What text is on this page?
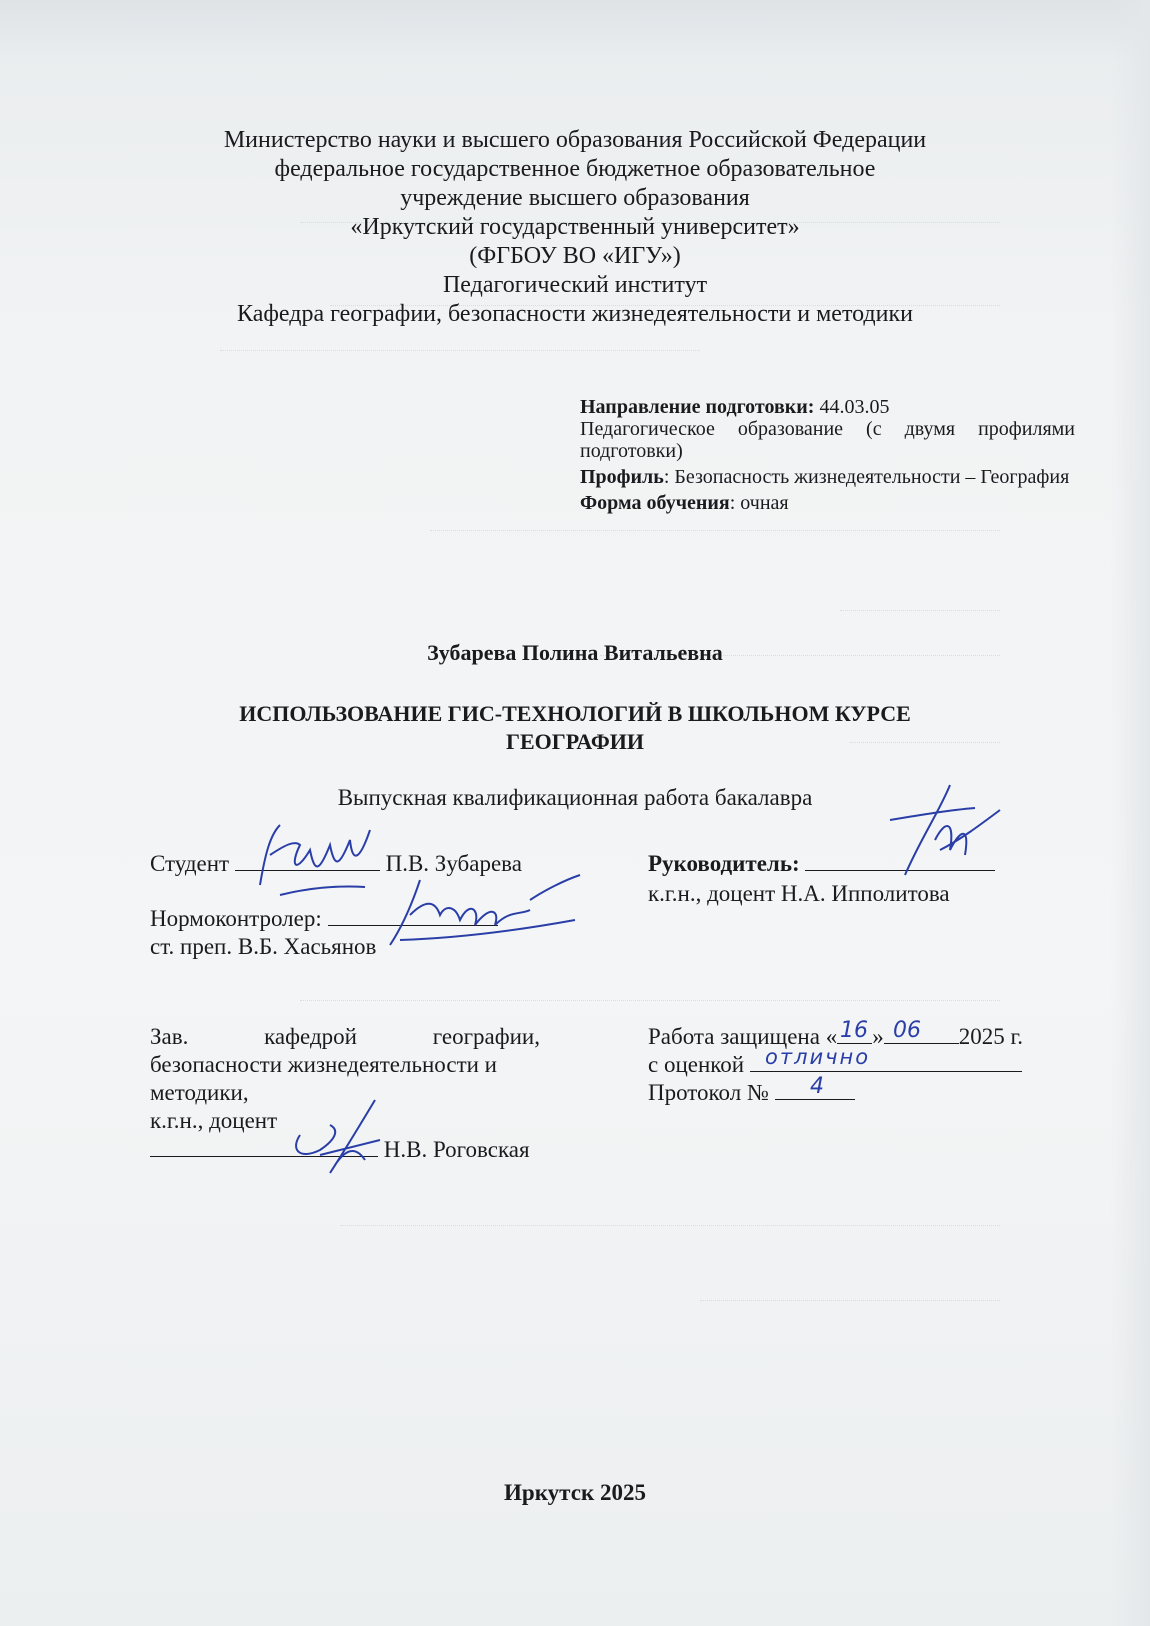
Министерство науки и высшего образования Российской Федерации
федеральное государственное бюджетное образовательное
учреждение высшего образования
«Иркутский государственный университет»
(ФГБОУ ВО «ИГУ»)
Педагогический институт
Кафедра географии, безопасности жизнедеятельности и методики

Направление подготовки: 44.03.05
Педагогическое образование (с двумя профилями подготовки)

Профиль: Безопасность жизнедеятельности – География

Форма обучения: очная

Зубарева Полина Витальевна
ИСПОЛЬЗОВАНИЕ ГИС-ТЕХНОЛОГИЙ В ШКОЛЬНОМ КУРСЕ
ГЕОГРАФИИ
Выпускная квалификационная работа бакалавра
Студент	П.В. Зубарева	Руководитель:
к.г.н., доцент Н.А. Ипполитова
Нормоконтролер:
ст. преп. В.Б. Хасьянов
Зав.	кафедрой	географии,
безопасности жизнедеятельности и
методики,
к.г.н., доцент
Н.В. Роговская
Работа защищена « »	2025 г.
с оценкой
Протокол №
16 06
отлично
4
Иркутск 2025
